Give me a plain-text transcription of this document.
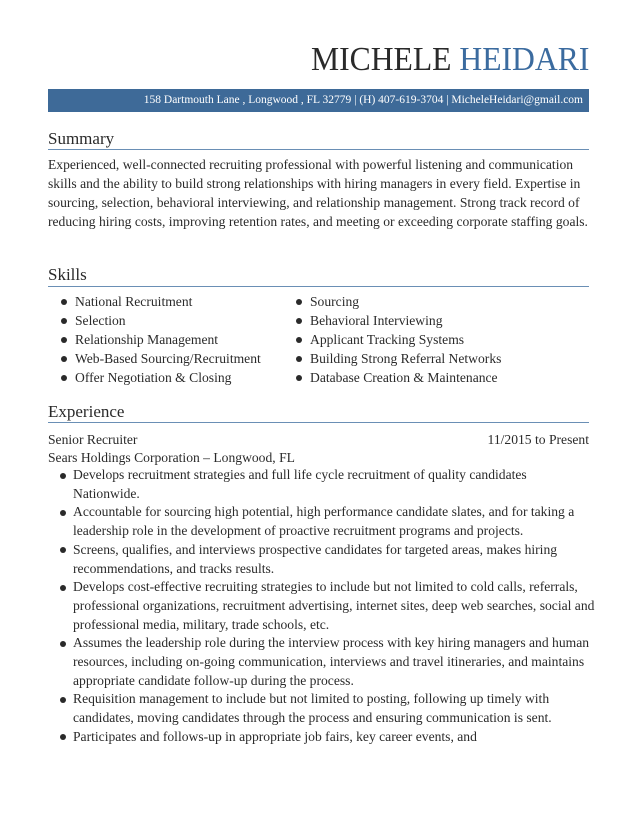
MICHELE HEIDARI
158 Dartmouth Lane , Longwood , FL 32779 | (H) 407-619-3704 | MicheleHeidari@gmail.com
Summary

Experienced, well-connected recruiting professional with powerful listening and communication skills and the ability to build strong relationships with hiring managers in every field. Expertise in sourcing, selection, behavioral interviewing, and relationship management. Strong track record of reducing hiring costs, improving retention rates, and meeting or exceeding corporate staffing goals.

Skills
National Recruitment
Selection
Relationship Management
Web-Based Sourcing/Recruitment
Offer Negotiation & Closing
Sourcing
Behavioral Interviewing
Applicant Tracking Systems
Building Strong Referral Networks
Database Creation & Maintenance
Experience
Senior Recruiter	11/2015 to Present
Sears Holdings Corporation – Longwood, FL
Develops recruitment strategies and full life cycle recruitment of quality candidates Nationwide.
Accountable for sourcing high potential, high performance candidate slates, and for taking a leadership role in the development of proactive recruitment programs and projects.
Screens, qualifies, and interviews prospective candidates for targeted areas, makes hiring recommendations, and tracks results.
Develops cost-effective recruiting strategies to include but not limited to cold calls, referrals, professional organizations, recruitment advertising, internet sites, deep web searches, social and professional media, military, trade schools, etc.
Assumes the leadership role during the interview process with key hiring managers and human resources, including on-going communication, interviews and travel itineraries, and maintains appropriate candidate follow-up during the process.
Requisition management to include but not limited to posting, following up timely with candidates, moving candidates through the process and ensuring communication is sent.
Participates and follows-up in appropriate job fairs, key career events, and
